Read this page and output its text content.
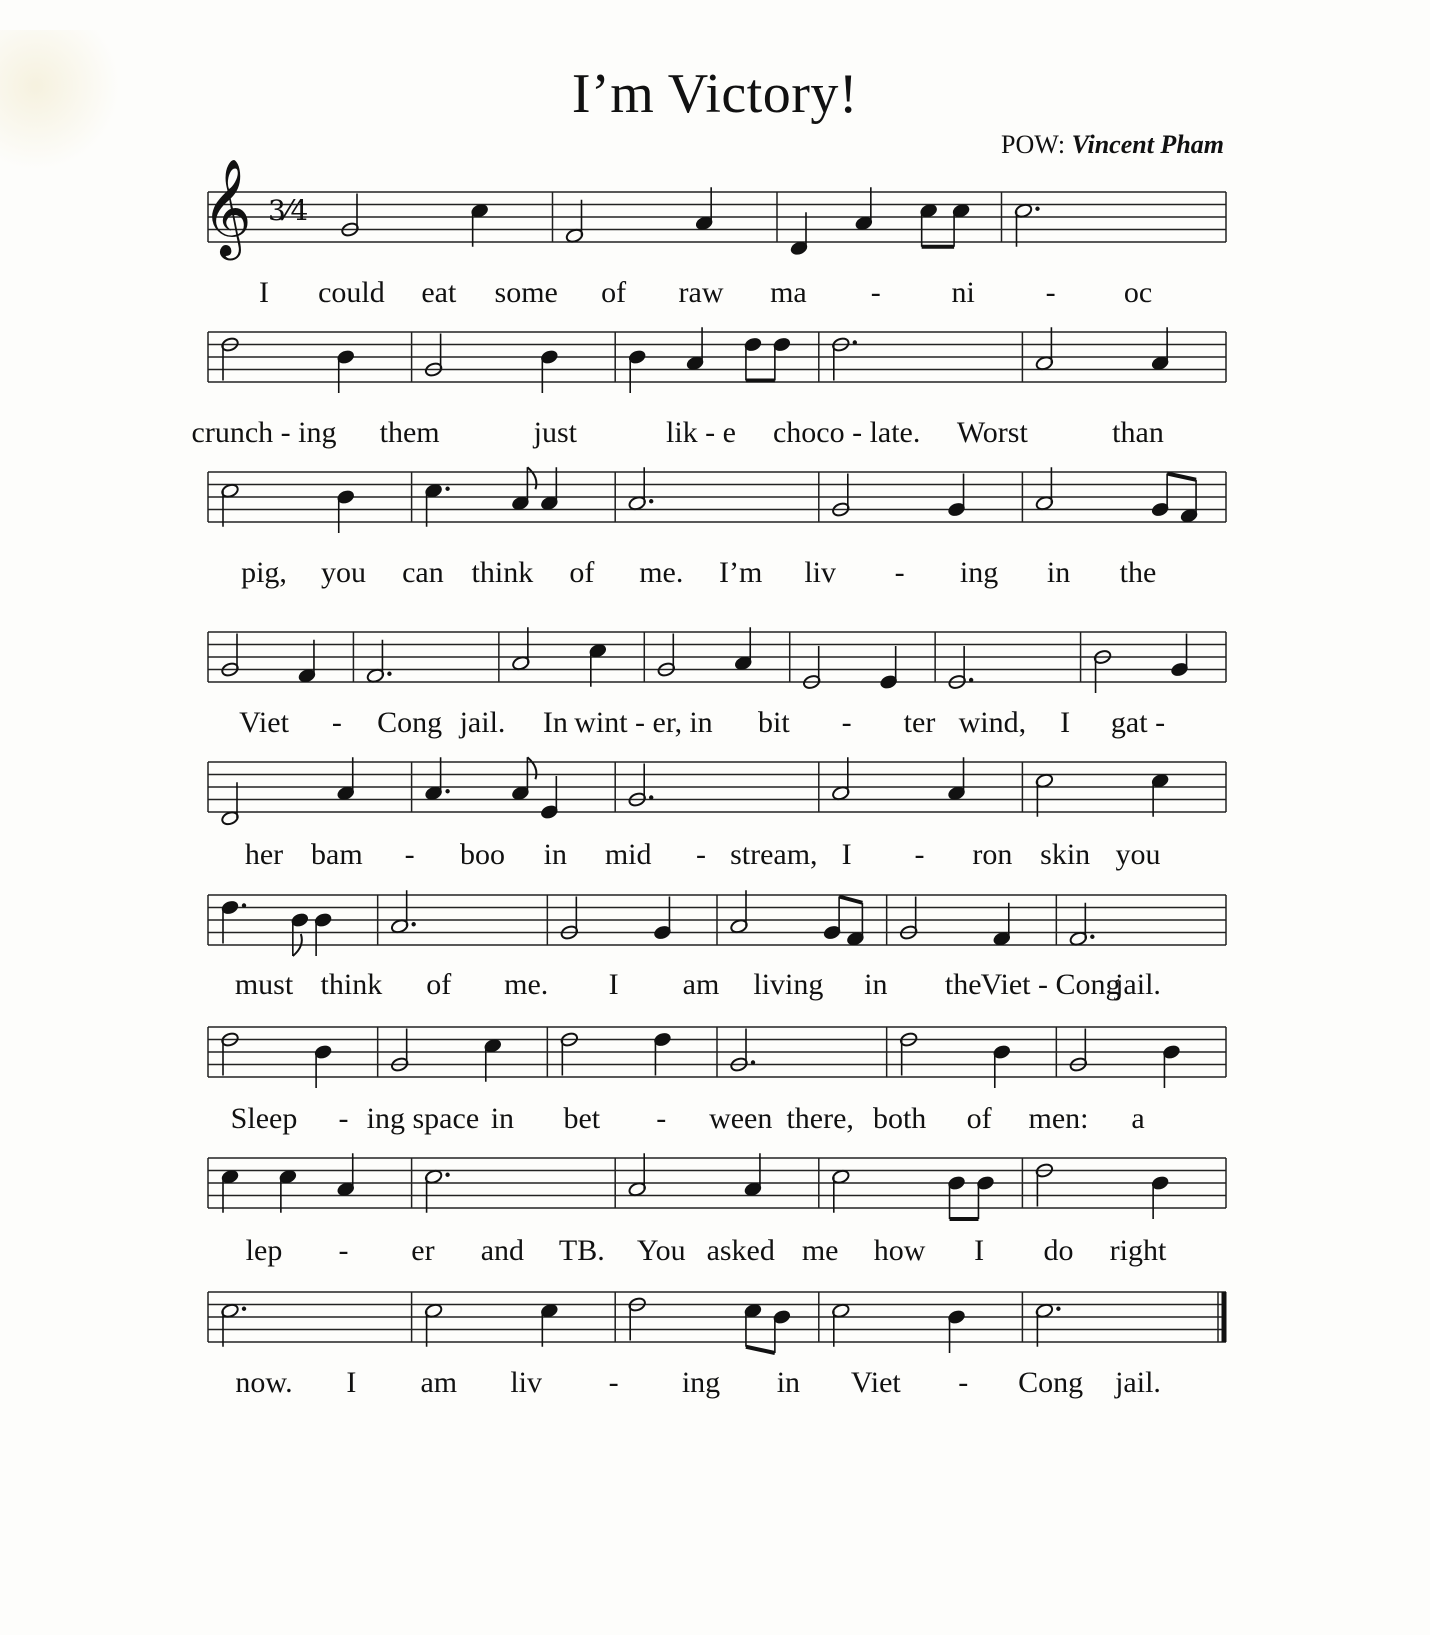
I’m Victory!
POW: Vincent Pham
𝄞 3⁄4
I could eat some of raw ma - ni - oc
crunch - ing them	just	lik - e choco - late. Worst	than
pig, you can think of me. I’m liv - ing in the
Viet - Cong jail. In wint - er, in bit - ter wind, I gat -
her bam - boo in mid - stream, I - ron skin you
must think of me. I am living in the Viet - Cong
jail.
Sleep - ing space in bet - ween there, both of men: a
lep - er and TB. You asked me how I do right
now. I am liv - ing in Viet - Cong jail.
